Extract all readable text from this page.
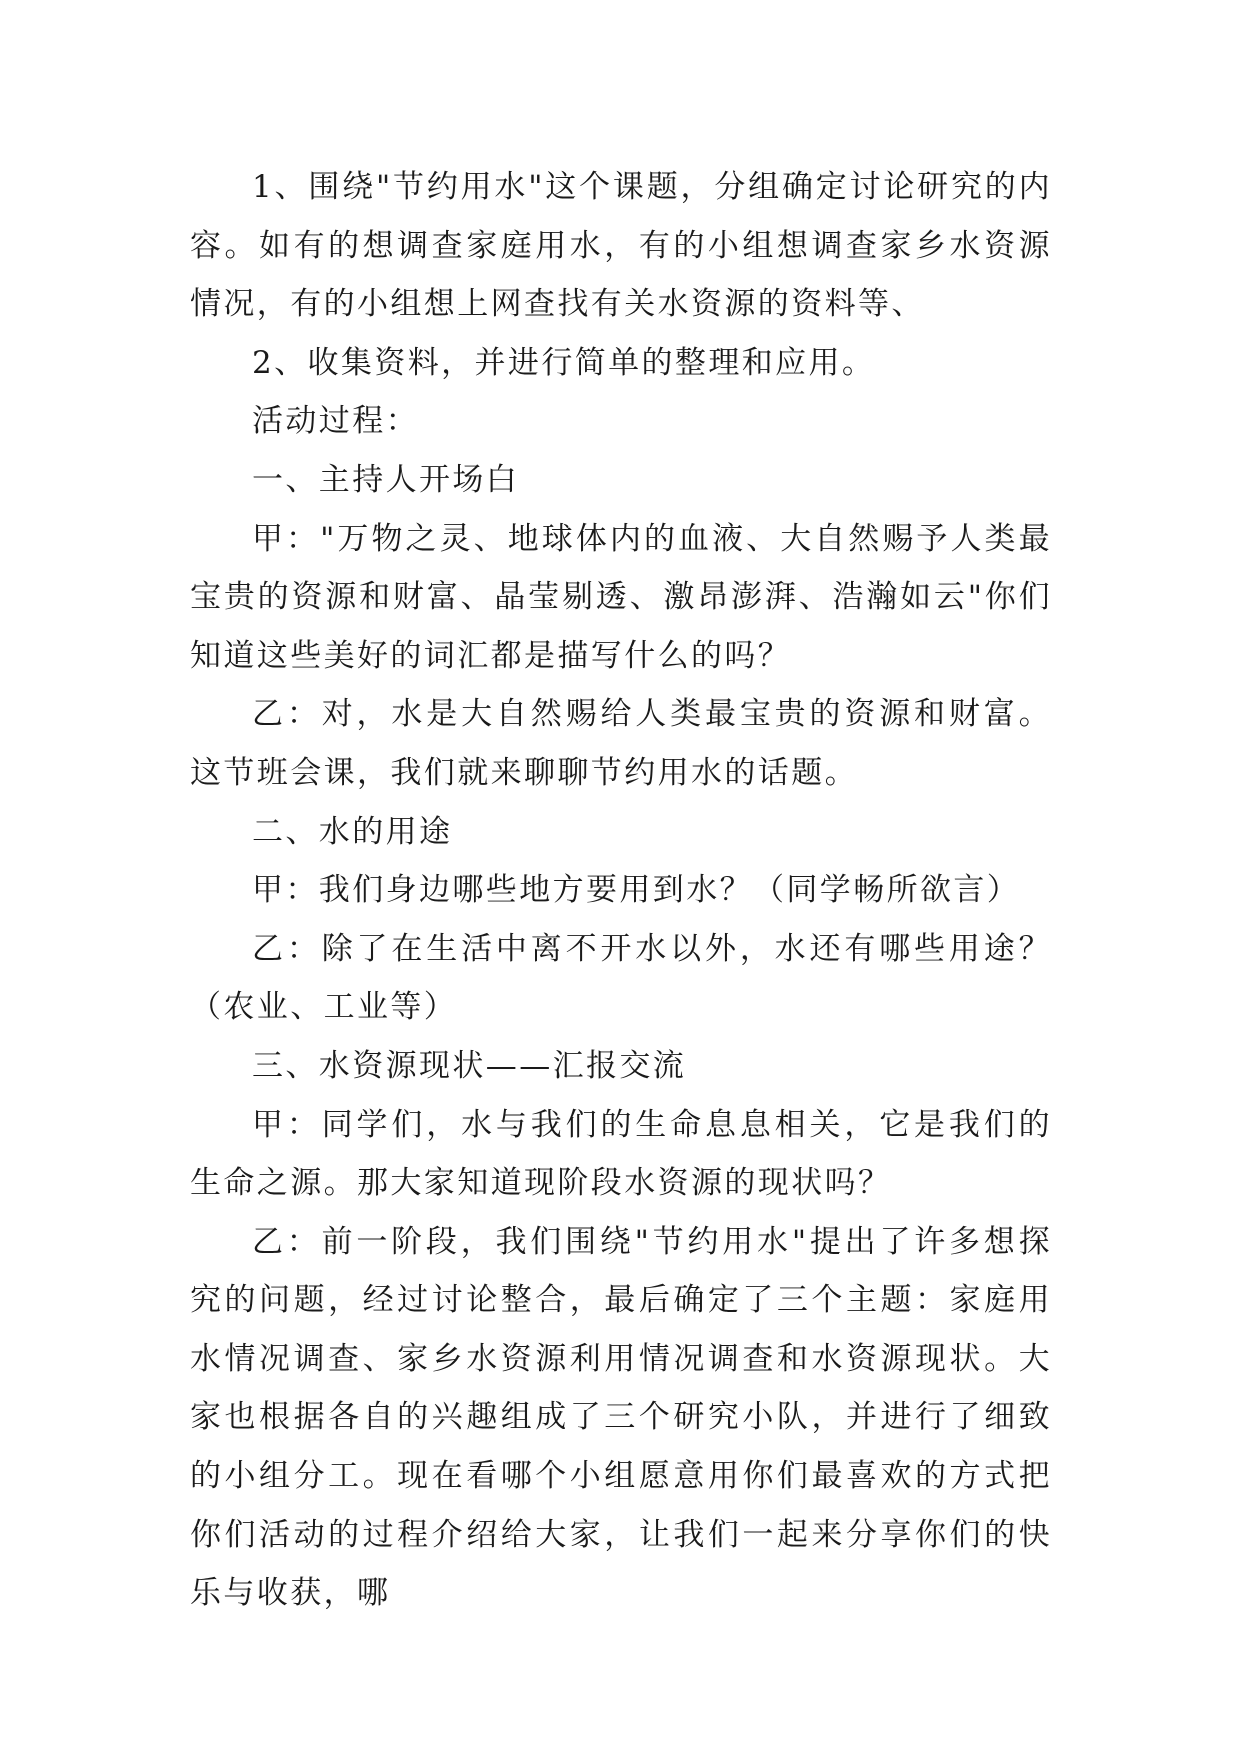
1、围绕"节约用水"这个课题，分组确定讨论研究的内容。如有的想调查家庭用水，有的小组想调查家乡水资源情况，有的小组想上网查找有关水资源的资料等、

2、收集资料，并进行简单的整理和应用。

活动过程：

一、主持人开场白

甲："万物之灵、地球体内的血液、大自然赐予人类最宝贵的资源和财富、晶莹剔透、激昂澎湃、浩瀚如云"你们知道这些美好的词汇都是描写什么的吗？

乙：对，水是大自然赐给人类最宝贵的资源和财富。这节班会课，我们就来聊聊节约用水的话题。

二、水的用途

甲：我们身边哪些地方要用到水？（同学畅所欲言）

乙：除了在生活中离不开水以外，水还有哪些用途？（农业、工业等）

三、水资源现状——汇报交流

甲：同学们，水与我们的生命息息相关，它是我们的生命之源。那大家知道现阶段水资源的现状吗？

乙：前一阶段，我们围绕"节约用水"提出了许多想探究的问题，经过讨论整合，最后确定了三个主题：家庭用水情况调查、家乡水资源利用情况调查和水资源现状。大家也根据各自的兴趣组成了三个研究小队，并进行了细致的小组分工。现在看哪个小组愿意用你们最喜欢的方式把你们活动的过程介绍给大家，让我们一起来分享你们的快乐与收获，哪
